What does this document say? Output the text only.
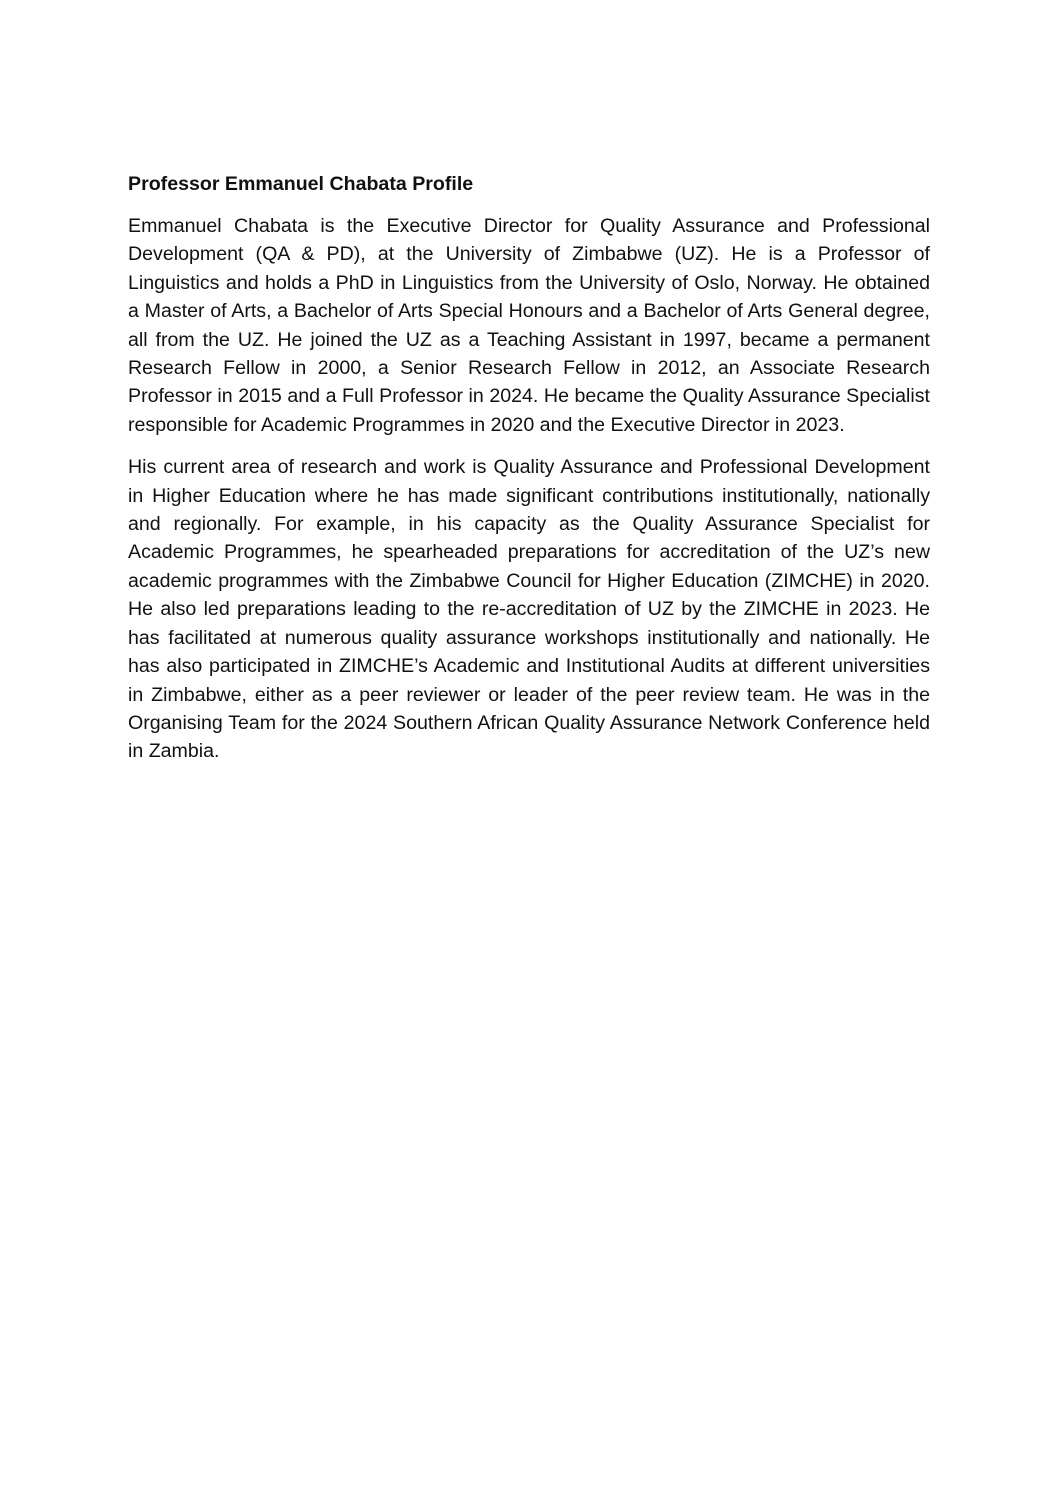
Professor Emmanuel Chabata Profile

Emmanuel Chabata is the Executive Director for Quality Assurance and Professional Development (QA & PD), at the University of Zimbabwe (UZ). He is a Professor of Linguistics and holds a PhD in Linguistics from the University of Oslo, Norway. He obtained a Master of Arts, a Bachelor of Arts Special Honours and a Bachelor of Arts General degree, all from the UZ. He joined the UZ as a Teaching Assistant in 1997, became a permanent Research Fellow in 2000, a Senior Research Fellow in 2012, an Associate Research Professor in 2015 and a Full Professor in 2024. He became the Quality Assurance Specialist responsible for Academic Programmes in 2020 and the Executive Director in 2023.

His current area of research and work is Quality Assurance and Professional Development in Higher Education where he has made significant contributions institutionally, nationally and regionally. For example, in his capacity as the Quality Assurance Specialist for Academic Programmes, he spearheaded preparations for accreditation of the UZ’s new academic programmes with the Zimbabwe Council for Higher Education (ZIMCHE) in 2020. He also led preparations leading to the re-accreditation of UZ by the ZIMCHE in 2023. He has facilitated at numerous quality assurance workshops institutionally and nationally. He has also participated in ZIMCHE’s Academic and Institutional Audits at different universities in Zimbabwe, either as a peer reviewer or leader of the peer review team. He was in the Organising Team for the 2024 Southern African Quality Assurance Network Conference held in Zambia.
